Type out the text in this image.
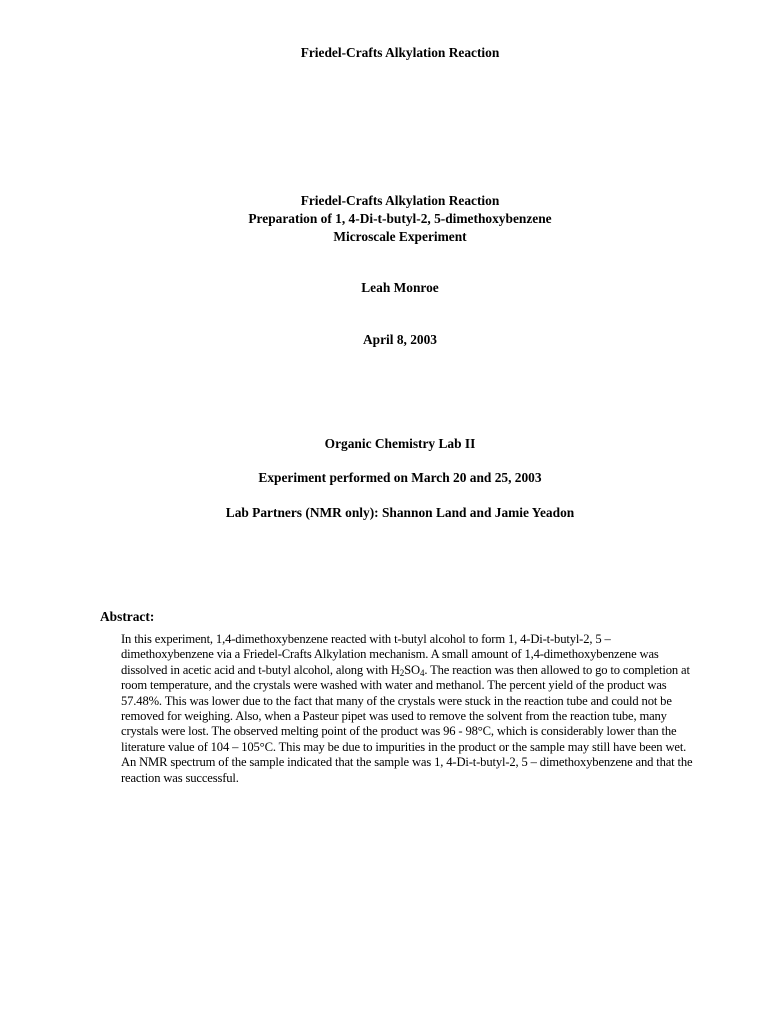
Friedel-Crafts Alkylation Reaction
Friedel-Crafts Alkylation Reaction
Preparation of 1, 4-Di-t-butyl-2, 5-dimethoxybenzene
Microscale Experiment
Leah Monroe
April 8, 2003
Organic Chemistry Lab II
Experiment performed on March 20 and 25, 2003
Lab Partners (NMR only): Shannon Land and Jamie Yeadon
Abstract:
In this experiment, 1,4-dimethoxybenzene reacted with t-butyl alcohol to form 1, 4-Di-t-butyl-2, 5 – dimethoxybenzene via a Friedel-Crafts Alkylation mechanism. A small amount of 1,4-dimethoxybenzene was dissolved in acetic acid and t-butyl alcohol, along with $H_2SO_4$. The reaction was then allowed to go to completion at room temperature, and the crystals were washed with water and methanol. The percent yield of the product was 57.48%. This was lower due to the fact that many of the crystals were stuck in the reaction tube and could not be removed for weighing. Also, when a Pasteur pipet was used to remove the solvent from the reaction tube, many crystals were lost. The observed melting point of the product was 96 - 98°C, which is considerably lower than the literature value of 104 – 105°C. This may be due to impurities in the product or the sample may still have been wet. An NMR spectrum of the sample indicated that the sample was 1, 4-Di-t-butyl-2, 5 – dimethoxybenzene and that the reaction was successful.
